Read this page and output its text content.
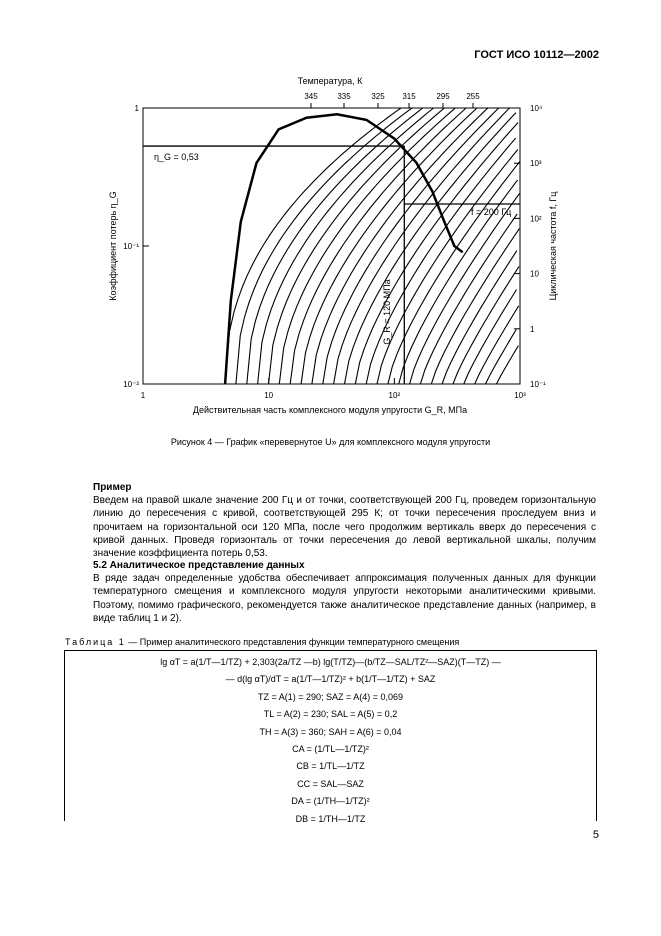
ГОСТ ИСО 10112—2002
1	10	10²	10³
10⁻²
10⁻¹
1
10⁻¹
1
10
10²
10³
10⁴
345 335	325 315	295 255
Температура, К
Действительная часть комплексного модуля упругости G_R, МПа
Коэффициент потерь η_G	Циклическая частота f, Гц
η_G = 0,53
f = 200 Гц
G_R = 120 МПа
Рисунок 4 — График «перевернутое U» для комплексного модуля упругости
Пример

Введем на правой шкале значение 200 Гц и от точки, соответствующей 200 Гц, проведем горизонтальную линию до пересечения с кривой, соответствующей 295 К; от точки пересечения проследуем вниз и прочитаем на горизонтальной оси 120 МПа, после чего продолжим вертикаль вверх до пересечения с кривой данных. Проведя горизонталь от точки пересечения до левой вертикальной шкалы, получим значение коэффициента потерь 0,53.

5.2 Аналитическое представление данных

В ряде задач определенные удобства обеспечивает аппроксимация полученных данных для функции температурного смещения и комплексного модуля упругости некоторыми аналитическими кривыми. Поэтому, помимо графического, рекомендуется также аналитическое представление данных (например, в виде таблиц 1 и 2).

Таблица 1 — Пример аналитического представления функции температурного смещения
lg αT = a(1/T—1/TZ) + 2,303(2a/TZ —b) lg(T/TZ)—(b/TZ—SAL/TZ²—SAZ)(T—TZ) —
— d(lg αT)/dT = a(1/T—1/TZ)² + b(1/T—1/TZ) + SAZ
TZ = A(1) = 290; SAZ = A(4) = 0,069
TL = A(2) = 230; SAL = A(5) = 0,2
TH = A(3) = 360; SAH = A(6) = 0,04
CA = (1/TL—1/TZ)²
CB = 1/TL—1/TZ
CC = SAL—SAZ
DA = (1/TH—1/TZ)²
DB = 1/TH—1/TZ
5
